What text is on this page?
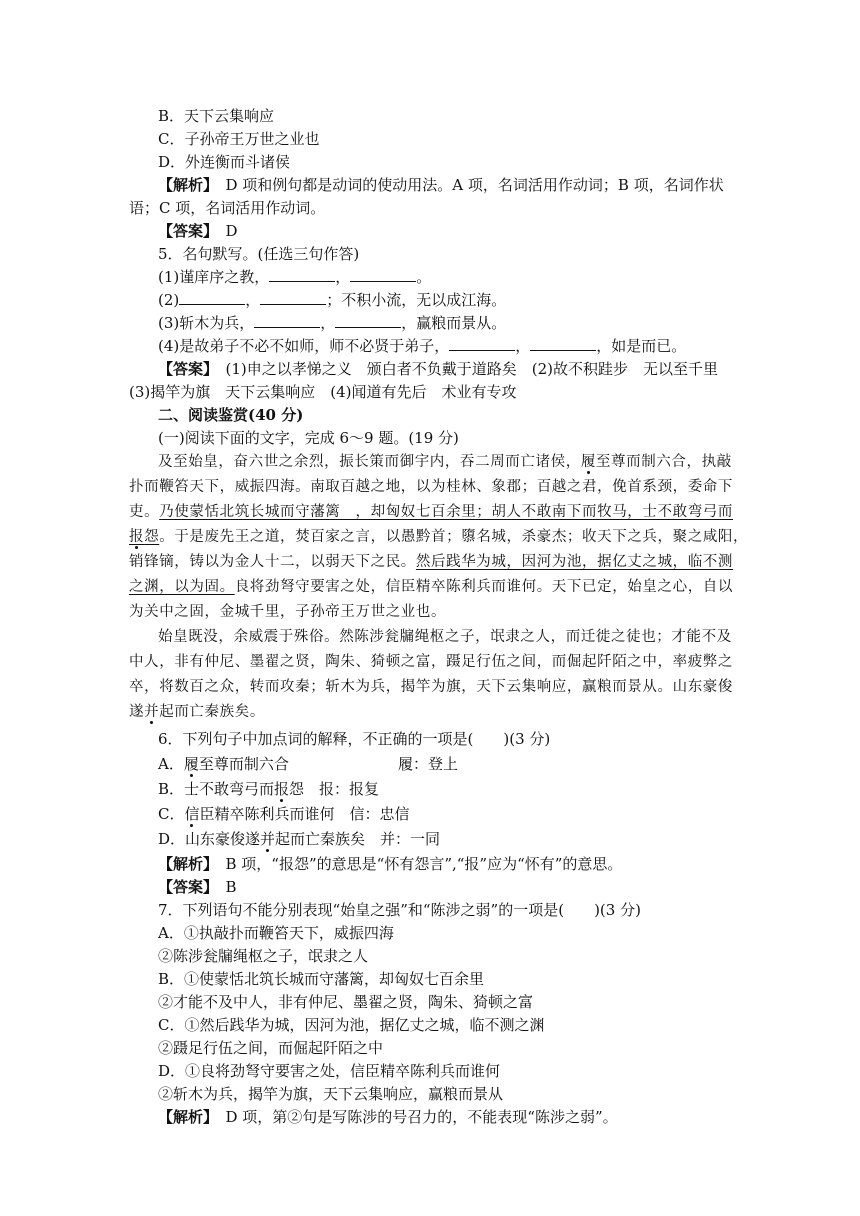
B．天下云集响应
C．子孙帝王万世之业也
D．外连衡而斗诸侯
【解析】　D 项和例句都是动词的使动用法。A 项，名词活用作动词；B 项，名词作状
语；C 项，名词活用作动词。
【答案】　D
5．名句默写。(任选三句作答)
(1)谨庠序之教，	，	。
(2)	，	；不积小流，无以成江海。
(3)斩木为兵，	，	，赢粮而景从。
(4)是故弟子不必不如师，师不必贤于弟子，	，	，如是而已。
【答案】　(1)申之以孝悌之义　颁白者不负戴于道路矣　(2)故不积跬步　无以至千里
(3)揭竿为旗　天下云集响应　(4)闻道有先后　术业有专攻
二、阅读鉴赏(40 分)
(一)阅读下面的文字，完成 6～9 题。(19 分)
及至始皇，奋六世之余烈，振长策而御宇内，吞二周而亡诸侯，履至尊而制六合，执敲
扑而鞭笞天下，威振四海。南取百越之地，以为桂林、象郡；百越之君，俛首系颈，委命下
吏。乃使蒙恬北筑长城而守藩篱　，却匈奴七百余里；胡人不敢南下而牧马，士不敢弯弓而
报怨。于是废先王之道，焚百家之言，以愚黔首；隳名城，杀豪杰；收天下之兵，聚之咸阳，
销锋镝，铸以为金人十二，以弱天下之民。然后践华为城，因河为池，据亿丈之城，临不测
之渊，以为固。良将劲弩守要害之处，信臣精卒陈利兵而谁何。天下已定，始皇之心，自以
为关中之固，金城千里，子孙帝王万世之业也。
始皇既没，余威震于殊俗。然陈涉瓮牖绳枢之子，氓隶之人，而迁徙之徒也；才能不及
中人，非有仲尼、墨翟之贤，陶朱、猗顿之富，蹑足行伍之间，而倔起阡陌之中，率疲弊之
卒，将数百之众，转而攻秦；斩木为兵，揭竿为旗，天下云集响应，赢粮而景从。山东豪俊
遂并起而亡秦族矣。
6．下列句子中加点词的解释，不正确的一项是(　　)(3 分)
A．履至尊而制六合	履：登上
B．士不敢弯弓而报怨　报：报复
C．信臣精卒陈利兵而谁何　信：忠信
D．山东豪俊遂并起而亡秦族矣　并：一同
【解析】　B 项，“报怨”的意思是“怀有怨言”,“报”应为“怀有”的意思。
【答案】　B
7．下列语句不能分别表现“始皇之强”和“陈涉之弱”的一项是(　　)(3 分)
A．①执敲扑而鞭笞天下，威振四海
②陈涉瓮牖绳枢之子，氓隶之人
B．①使蒙恬北筑长城而守藩篱，却匈奴七百余里
②才能不及中人，非有仲尼、墨翟之贤，陶朱、猗顿之富
C．①然后践华为城，因河为池，据亿丈之城，临不测之渊
②蹑足行伍之间，而倔起阡陌之中
D．①良将劲弩守要害之处，信臣精卒陈利兵而谁何
②斩木为兵，揭竿为旗，天下云集响应，赢粮而景从
【解析】　D 项，第②句是写陈涉的号召力的，不能表现“陈涉之弱”。
